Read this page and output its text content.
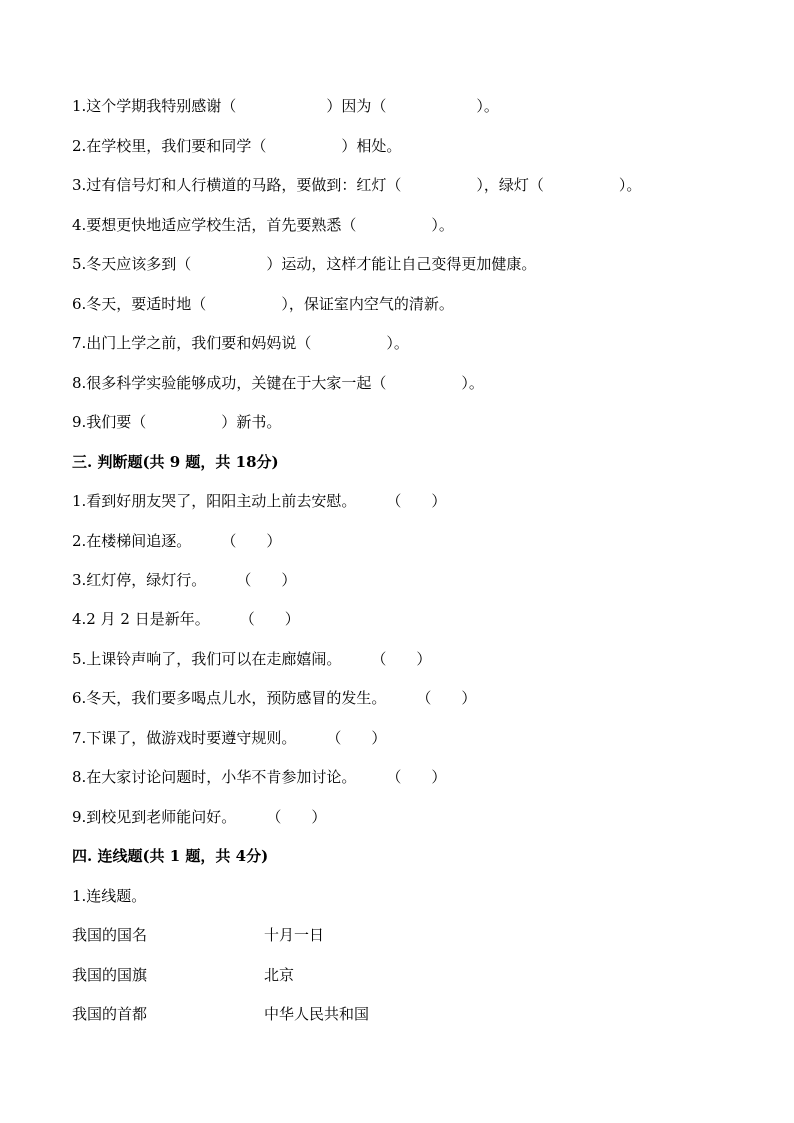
1.这个学期我特别感谢（　　　　　　）因为（　　　　　　）。
2.在学校里，我们要和同学（　　　　　）相处。
3.过有信号灯和人行横道的马路，要做到：红灯（　　　　　），绿灯（　　　　　）。
4.要想更快地适应学校生活，首先要熟悉（　　　　　）。
5.冬天应该多到（　　　　　）运动，这样才能让自己变得更加健康。
6.冬天，要适时地（　　　　　），保证室内空气的清新。
7.出门上学之前，我们要和妈妈说（　　　　　）。
8.很多科学实验能够成功，关键在于大家一起（　　　　　）。
9.我们要（　　　　　）新书。
三. 判断题(共 9 题，共 18分)
1.看到好朋友哭了，阳阳主动上前去安慰。　　　（　　）
2.在楼梯间追逐。　　　（　　）
3.红灯停，绿灯行。　　　（　　）
4.2 月 2 日是新年。　　　（　　）
5.上课铃声响了，我们可以在走廊嬉闹。　　　（　　）
6.冬天，我们要多喝点儿水，预防感冒的发生。　　　（　　）
7.下课了，做游戏时要遵守规则。　　　（　　）
8.在大家讨论问题时，小华不肯参加讨论。　　　（　　）
9.到校见到老师能问好。　　　（　　）
四. 连线题(共 1 题，共 4分)
1.连线题。
我国的国名	十月一日
我国的国旗	北京
我国的首都	中华人民共和国
